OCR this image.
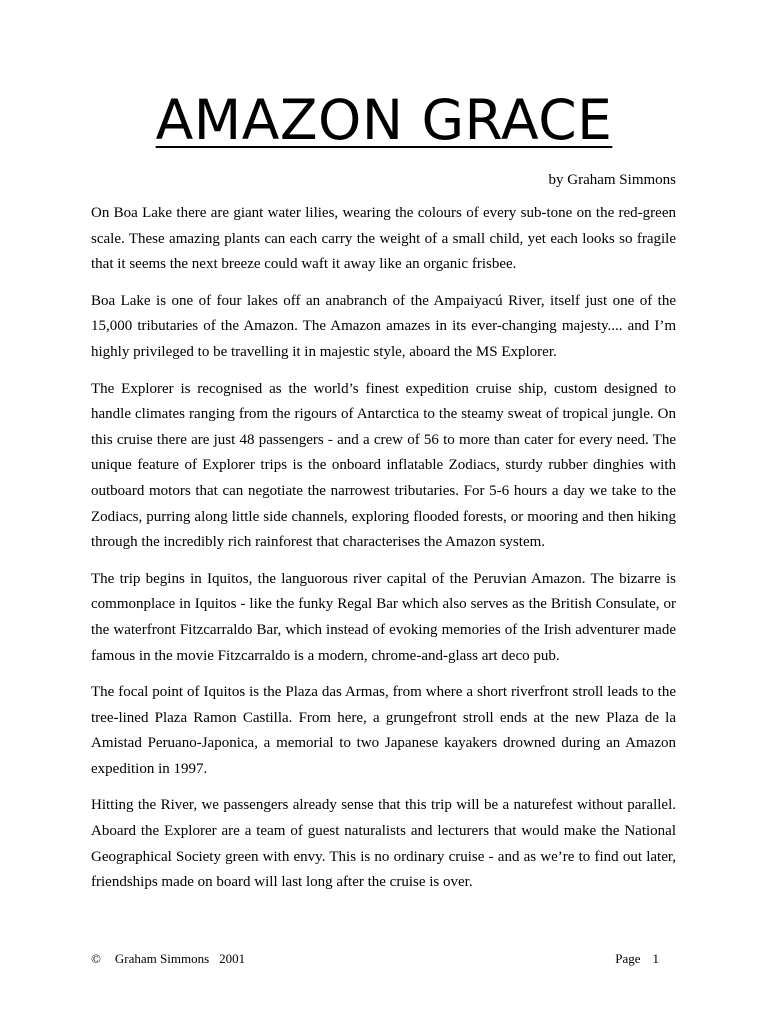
AMAZON GRACE

by Graham Simmons

On Boa Lake there are giant water lilies, wearing the colours of every sub-tone on the red-green scale. These amazing plants can each carry the weight of a small child, yet each looks so fragile that it seems the next breeze could waft it away like an organic frisbee.

Boa Lake is one of four lakes off an anabranch of the Ampaiyacú River, itself just one of the 15,000 tributaries of the Amazon. The Amazon amazes in its ever-changing majesty.... and I’m highly privileged to be travelling it in majestic style, aboard the MS Explorer.

The Explorer is recognised as the world’s finest expedition cruise ship, custom designed to handle climates ranging from the rigours of Antarctica to the steamy sweat of tropical jungle. On this cruise there are just 48 passengers - and a crew of 56 to more than cater for every need. The unique feature of Explorer trips is the onboard inflatable Zodiacs, sturdy rubber dinghies with outboard motors that can negotiate the narrowest tributaries. For 5-6 hours a day we take to the Zodiacs, purring along little side channels, exploring flooded forests, or mooring and then hiking through the incredibly rich rainforest that characterises the Amazon system.

The trip begins in Iquitos, the languorous river capital of the Peruvian Amazon. The bizarre is commonplace in Iquitos - like the funky Regal Bar which also serves as the British Consulate, or the waterfront Fitzcarraldo Bar, which instead of evoking memories of the Irish adventurer made famous in the movie Fitzcarraldo is a modern, chrome-and-glass art deco pub.

The focal point of Iquitos is the Plaza das Armas, from where a short riverfront stroll leads to the tree-lined Plaza Ramon Castilla. From here, a grungefront stroll ends at the new Plaza de la Amistad Peruano-Japonica, a memorial to two Japanese kayakers drowned during an Amazon expedition in 1997.

Hitting the River, we passengers already sense that this trip will be a naturefest without parallel. Aboard the Explorer are a team of guest naturalists and lecturers that would make the National Geographical Society green with envy. This is no ordinary cruise - and as we’re to find out later, friendships made on board will last long after the cruise is over.

© Graham Simmons 2001	Page 1
